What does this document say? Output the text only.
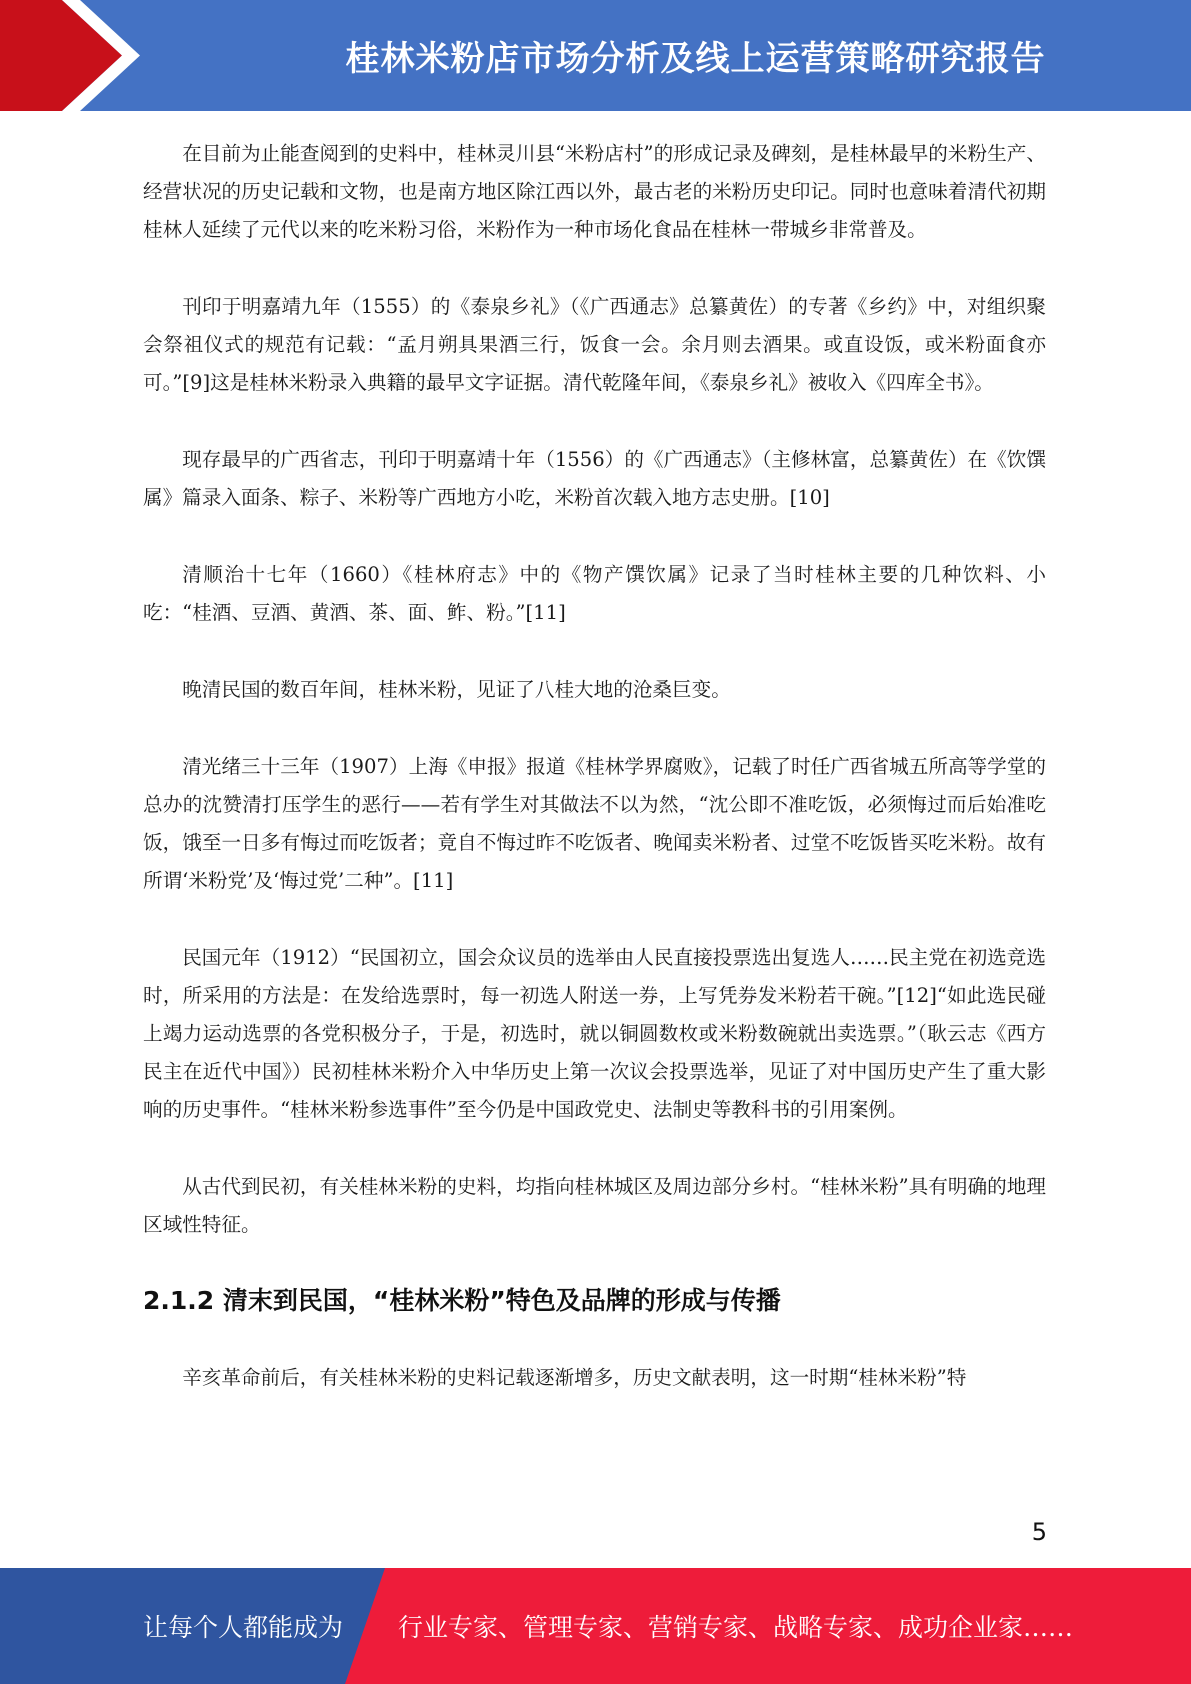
桂林米粉店市场分析及线上运营策略研究报告

在目前为止能查阅到的史料中，桂林灵川县“米粉店村”的形成记录及碑刻，是桂林最早的米粉生产、经营状况的历史记载和文物，也是南方地区除江西以外，最古老的米粉历史印记。同时也意味着清代初期桂林人延续了元代以来的吃米粉习俗，米粉作为一种市场化食品在桂林一带城乡非常普及。

刊印于明嘉靖九年（1555）的《泰泉乡礼》（《广西通志》总纂黄佐）的专著《乡约》中，对组织聚会祭祖仪式的规范有记载：“孟月朔具果酒三行，饭食一会。余月则去酒果。或直设饭，或米粉面食亦可。”[9]这是桂林米粉录入典籍的最早文字证据。清代乾隆年间，《泰泉乡礼》被收入《四库全书》。

现存最早的广西省志，刊印于明嘉靖十年（1556）的《广西通志》（主修林富，总纂黄佐）在《饮馔属》篇录入面条、粽子、米粉等广西地方小吃，米粉首次载入地方志史册。[10]

清顺治十七年（1660）《桂林府志》中的《物产馔饮属》记录了当时桂林主要的几种饮料、小吃：“桂酒、豆酒、黄酒、茶、面、鲊、粉。”[11]

晚清民国的数百年间，桂林米粉，见证了八桂大地的沧桑巨变。

清光绪三十三年（1907）上海《申报》报道《桂林学界腐败》，记载了时任广西省城五所高等学堂的总办的沈赞清打压学生的恶行——若有学生对其做法不以为然，“沈公即不准吃饭，必须悔过而后始准吃饭，饿至一日多有悔过而吃饭者；竟自不悔过昨不吃饭者、晚闻卖米粉者、过堂不吃饭皆买吃米粉。故有所谓‘米粉党’及‘悔过党’二种”。[11]

民国元年（1912）“民国初立，国会众议员的选举由人民直接投票选出复选人……民主党在初选竞选时，所采用的方法是：在发给选票时，每一初选人附送一券，上写凭券发米粉若干碗。”[12]“如此选民碰上竭力运动选票的各党积极分子，于是，初选时，就以铜圆数枚或米粉数碗就出卖选票。”（耿云志《西方民主在近代中国》）民初桂林米粉介入中华历史上第一次议会投票选举，见证了对中国历史产生了重大影响的历史事件。“桂林米粉参选事件”至今仍是中国政党史、法制史等教科书的引用案例。

从古代到民初，有关桂林米粉的史料，均指向桂林城区及周边部分乡村。“桂林米粉”具有明确的地理区域性特征。

2.1.2 清末到民国，“桂林米粉”特色及品牌的形成与传播

辛亥革命前后，有关桂林米粉的史料记载逐渐增多，历史文献表明，这一时期“桂林米粉”特

5
让每个人都能成为 行业专家、管理专家、营销专家、战略专家、成功企业家……
